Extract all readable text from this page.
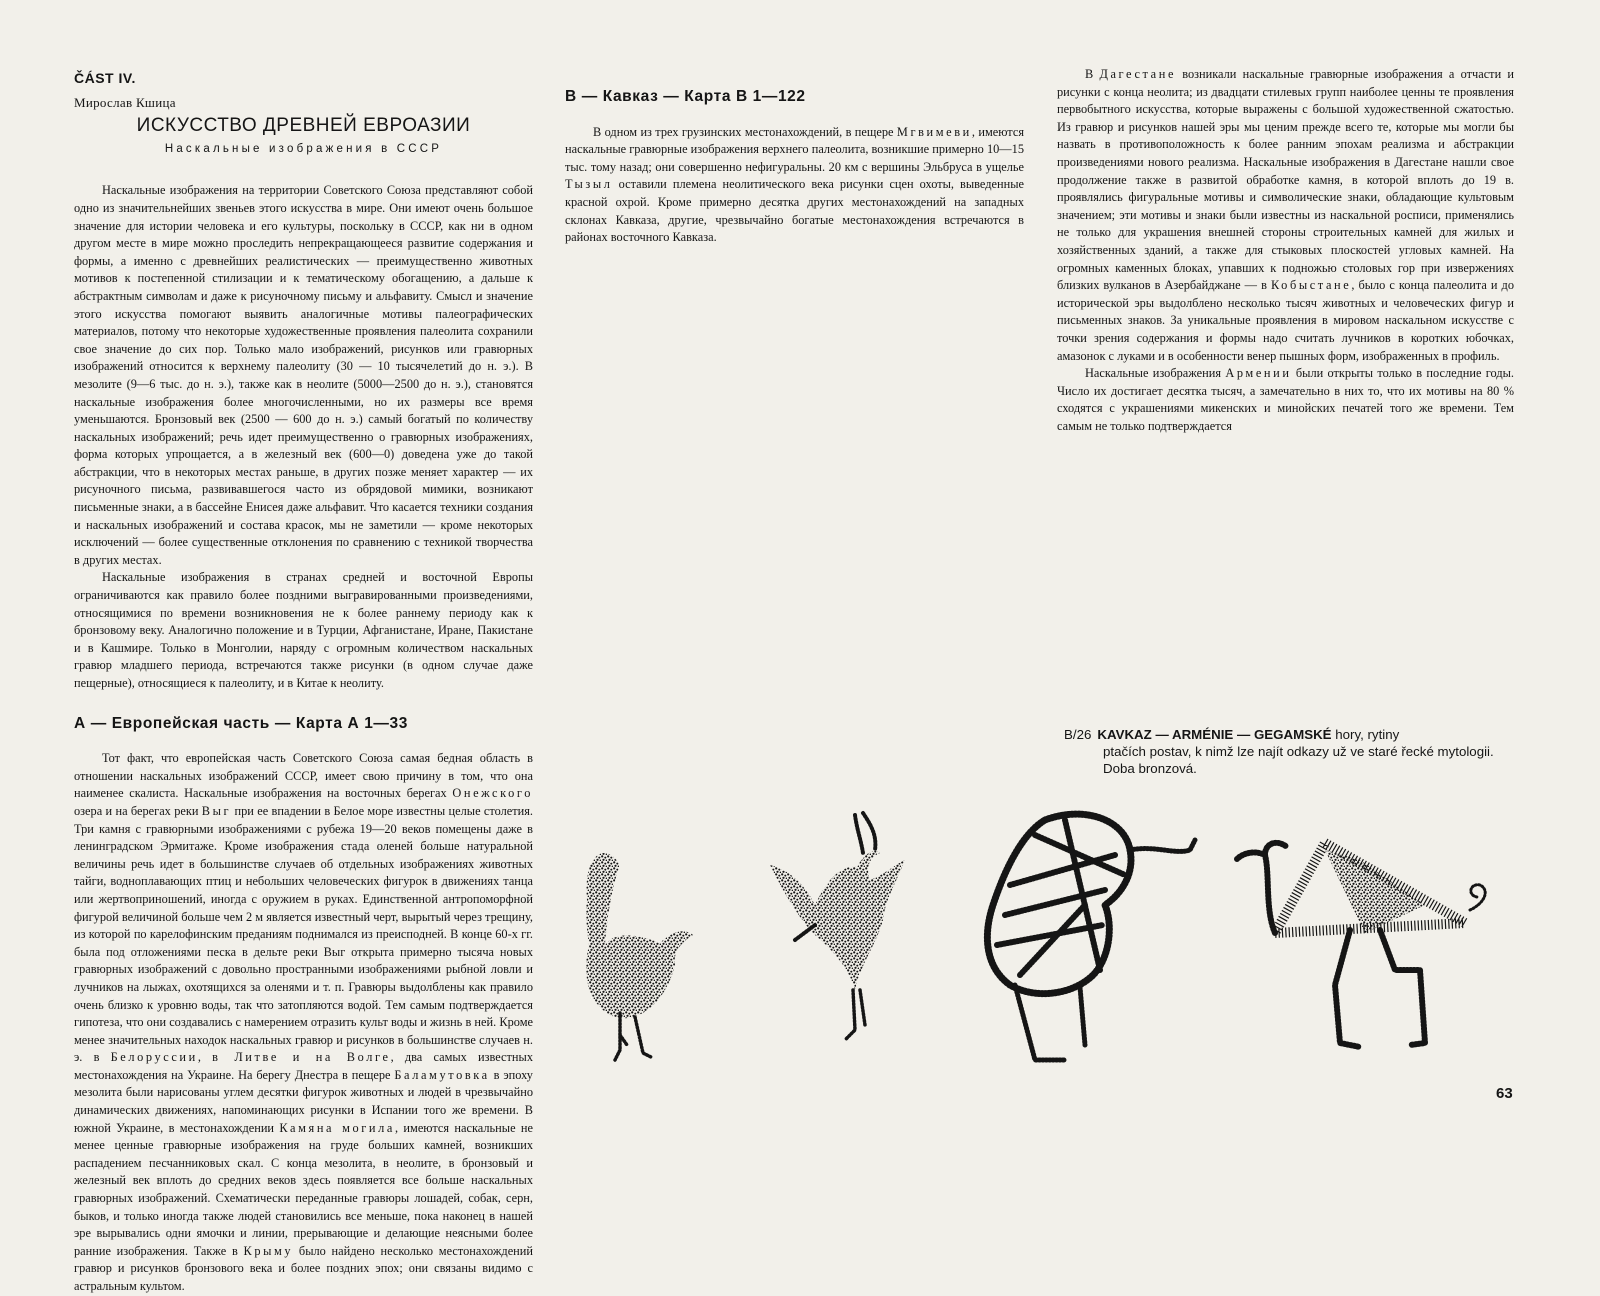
ČÁST IV.
Мирослав Кшица
ИСКУССТВО ДРЕВНЕЙ ЕВРОАЗИИ
Наскальные изображения в СССР

Наскальные изображения на территории Советского Союза представляют собой одно из значительнейших звеньев этого искусства в мире. Они имеют очень большое значение для истории человека и его культуры, поскольку в СССР, как ни в одном другом месте в мире можно проследить непрекращающееся развитие содержания и формы, а именно с древнейших реалистических — преимущественно животных мотивов к постепенной стилизации и к тематическому обогащению, а дальше к абстрактным символам и даже к рисуночному письму и альфавиту. Смысл и значение этого искусства помогают выявить аналогичные мотивы палеографических материалов, потому что некоторые художественные проявления палеолита сохранили свое значение до сих пор. Только мало изображений, рисунков или гравюрных изображений относится к верхнему палеолиту (30 — 10 тысячелетий до н. э.). В мезолите (9—6 тыс. до н. э.), также как в неолите (5000—2500 до н. э.), становятся наскальные изображения более многочисленными, но их размеры все время уменьшаются. Бронзовый век (2500 — 600 до н. э.) самый богатый по количеству наскальных изображений; речь идет преимущественно о гравюрных изображениях, форма которых упрощается, а в железный век (600—0) доведена уже до такой абстракции, что в некоторых местах раньше, в других позже меняет характер — их рисуночного письма, развивавшегося часто из обрядовой мимики, возникают письменные знаки, а в бассейне Енисея даже альфавит. Что касается техники создания и наскальных изображений и состава красок, мы не заметили — кроме некоторых исключений — более существенные отклонения по сравнению с техникой творчества в других местах.

Наскальные изображения в странах средней и восточной Европы ограничиваются как правило более поздними выгравированными произведениями, относящимися по времени возникновения не к более раннему периоду как к бронзовому веку. Аналогично положение и в Турции, Афганистане, Иране, Пакистане и в Кашмире. Только в Монголии, наряду с огромным количеством наскальных гравюр младшего периода, встречаются также рисунки (в одном случае даже пещерные), относящиеся к палеолиту, и в Китае к неолиту.

А — Европейская часть — Карта А 1—33

Тот факт, что европейская часть Советского Союза самая бедная область в отношении наскальных изображений СССР, имеет свою причину в том, что она наименее скалиста. Наскальные изображения на восточных берегах Онежского озера и на берегах реки Выг при ее впадении в Белое море известны целые столетия. Три камня с гравюрными изображениями с рубежа 19—20 веков помещены даже в ленинградском Эрмитаже. Кроме изображения стада оленей больше натуральной величины речь идет в большинстве случаев об отдельных изображениях животных тайги, водноплавающих птиц и небольших человеческих фигурок в движениях танца или жертвоприношений, иногда с оружием в руках. Единственной антропоморфной фигурой величиной больше чем 2 м является известный черт, вырытый через трещину, из которой по карелофинским преданиям поднимался из преисподней. В конце 60-х гг. была под отложениями песка в дельте реки Выг открыта примерно тысяча новых гравюрных изображений с довольно пространными изображениями рыбной ловли и лучников на лыжах, охотящихся за оленями и т. п. Гравюры выдолблены как правило очень близко к уровню воды, так что затопляются водой. Тем самым подтверждается гипотеза, что они создавались с намерением отразить культ воды и жизнь в ней. Кроме менее значительных находок наскальных гравюр и рисунков в большинстве случаев н. э. в Белоруссии, в Литве и на Волге, два самых известных местонахождения на Украине. На берегу Днестра в пещере Баламутовка в эпоху мезолита были нарисованы углем десятки фигурок животных и людей в чрезвычайно динамических движениях, напоминающих рисунки в Испании того же времени. В южной Украине, в местонахождении Камяна могила, имеются наскальные не менее ценные гравюрные изображения на груде больших камней, возникших распадением песчанниковых скал. С конца мезолита, в неолите, в бронзовый и железный век вплоть до средних веков здесь появляется все больше наскальных гравюрных изображений. Схематически переданные гравюры лошадей, собак, серн, быков, и только иногда также людей становились все меньше, пока наконец в нашей эре вырывались одни ямочки и линии, прерывающие и делающие неясными более ранние изображения. Также в Крыму было найдено несколько местонахождений гравюр и рисунков бронзового века и более поздних эпох; они связаны видимо с астральным культом.

B — Кавказ — Карта B 1—122

В одном из трех грузинских местонахождений, в пещере Мгвимеви, имеются наскальные гравюрные изображения верхнего палеолита, возникшие примерно 10—15 тыс. тому назад; они совершенно нефигуральны. 20 км с вершины Эльбруса в ущелье Тызыл оставили племена неолитического века рисунки сцен охоты, выведенные красной охрой. Кроме примерно десятка других местонахождений на западных склонах Кавказа, другие, чрезвычайно богатые местонахождения встречаются в районах восточного Кавказа.

В Дагестане возникали наскальные гравюрные изображения а отчасти и рисунки с конца неолита; из двадцати стилевых групп наиболее ценны те проявления первобытного искусства, которые выражены с большой художественной сжатостью. Из гравюр и рисунков нашей эры мы ценим прежде всего те, которые мы могли бы назвать в противоположность к более ранним эпохам реализма и абстракции произведениями нового реализма. Наскальные изображения в Дагестане нашли свое продолжение также в развитой обработке камня, в которой вплоть до 19 в. проявлялись фигуральные мотивы и символические знаки, обладающие культовым значением; эти мотивы и знаки были известны из наскальной росписи, применялись не только для украшения внешней стороны строительных камней для жилых и хозяйственных зданий, а также для стыковых плоскостей угловых камней. На огромных каменных блоках, упавших к подножью столовых гор при извержениях близких вулканов в Азербайджане — в Кобыстане, было с конца палеолита и до исторической эры выдолблено несколько тысяч животных и человеческих фигур и письменных знаков. За уникальные проявления в мировом наскальном искусстве с точки зрения содержания и формы надо считать лучников в коротких юбочках, амазонок с луками и в особенности венер пышных форм, изображенных в профиль.

Наскальные изображения Армении были открыты только в последние годы. Число их достигает десятка тысяч, а замечательно в них то, что их мотивы на 80 % сходятся с украшениями микенских и минойских печатей того же времени. Тем самым не только подтверждается

B/26 KAVKAZ — ARMÉNIE — GEGAMSKÉ hory, rytiny
ptačích postav, k nimž lze najít odkazy už ve staré řecké mytologii. Doba bronzová.
63
